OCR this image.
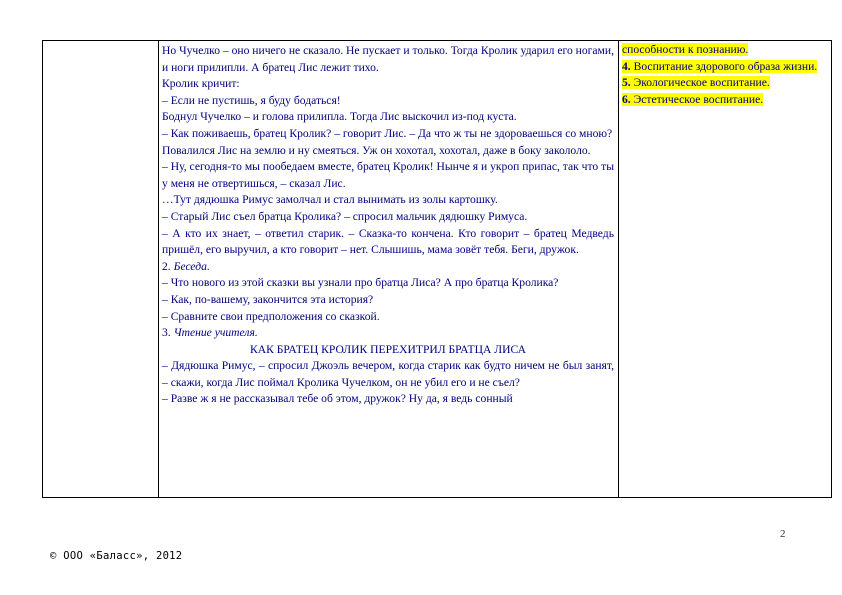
Но Чучелко – оно ничего не сказало. Не пускает и только. Тогда Кролик ударил его ногами, и ноги прилипли. А братец Лис лежит тихо.

Кролик кричит:

– Если не пустишь, я буду бодаться!

Боднул Чучелко – и голова прилипла. Тогда Лис выскочил из-под куста.

– Как поживаешь, братец Кролик? – говорит Лис. – Да что ж ты не здороваешься со мною?

Повалился Лис на землю и ну смеяться. Уж он хохотал, хохотал, даже в боку закололо.

– Ну, сегодня-то мы пообедаем вместе, братец Кролик! Нынче я и укроп припас, так что ты у меня не отвертишься, – сказал Лис.

…Тут дядюшка Римус замолчал и стал вынимать из золы картошку.

– Старый Лис съел братца Кролика? – спросил мальчик дядюшку Римуса.

– А кто их знает, – ответил старик. – Сказка-то кончена. Кто говорит – братец Медведь пришёл, его выручил, а кто говорит – нет. Слышишь, мама зовёт тебя. Беги, дружок.

2. Беседа.

– Что нового из этой сказки вы узнали про братца Лиса? А про братца Кролика?

– Как, по-вашему, закончится эта история?

– Сравните свои предположения со сказкой.

3. Чтение учителя.

КАК БРАТЕЦ КРОЛИК ПЕРЕХИТРИЛ БРАТЦА ЛИСА

– Дядюшка Римус, – спросил Джоэль вечером, когда старик как будто ничем не был занят, – скажи, когда Лис поймал Кролика Чучелком, он не убил его и не съел?

– Разве ж я не рассказывал тебе об этом, дружок? Ну да, я ведь сонный

способности к познанию.

4. Воспитание здорового образа жизни.

5. Экологическое воспитание.

6. Эстетическое воспитание.

2
© ООО «Баласс», 2012
